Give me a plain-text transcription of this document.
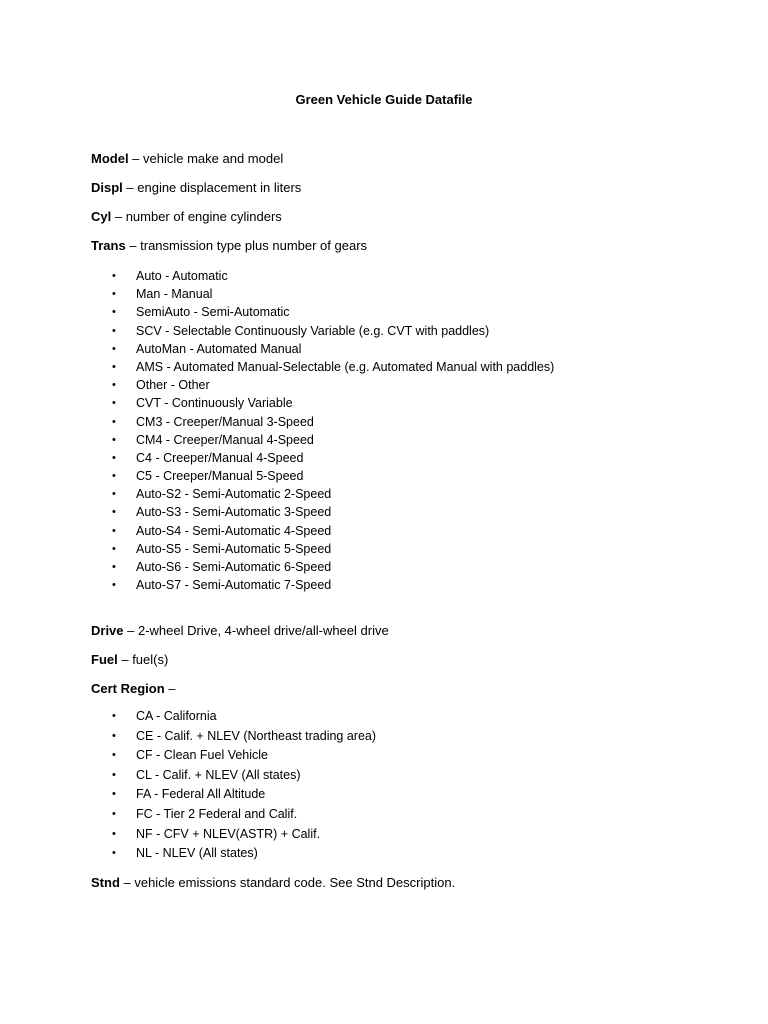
Green Vehicle Guide Datafile
Model – vehicle make and model
Displ – engine displacement in liters
Cyl – number of engine cylinders
Trans – transmission type plus number of gears
•	Auto - Automatic
•	Man - Manual
•	SemiAuto - Semi-Automatic
•	SCV - Selectable Continuously Variable (e.g. CVT with paddles)
•	AutoMan - Automated Manual
•	AMS - Automated Manual-Selectable (e.g. Automated Manual with paddles)
•	Other - Other
•	CVT - Continuously Variable
•	CM3 - Creeper/Manual 3-Speed
•	CM4 - Creeper/Manual 4-Speed
•	C4 - Creeper/Manual 4-Speed
•	C5 - Creeper/Manual 5-Speed
•	Auto-S2 - Semi-Automatic 2-Speed
•	Auto-S3 - Semi-Automatic 3-Speed
•	Auto-S4 - Semi-Automatic 4-Speed
•	Auto-S5 - Semi-Automatic 5-Speed
•	Auto-S6 - Semi-Automatic 6-Speed
•	Auto-S7 - Semi-Automatic 7-Speed
Drive – 2-wheel Drive, 4-wheel drive/all-wheel drive
Fuel – fuel(s)
Cert Region –
•	CA - California
•	CE - Calif. + NLEV (Northeast trading area)
•	CF - Clean Fuel Vehicle
•	CL - Calif. + NLEV (All states)
•	FA - Federal All Altitude
•	FC - Tier 2 Federal and Calif.
•	NF - CFV + NLEV(ASTR) + Calif.
•	NL - NLEV (All states)
Stnd – vehicle emissions standard code. See Stnd Description.
